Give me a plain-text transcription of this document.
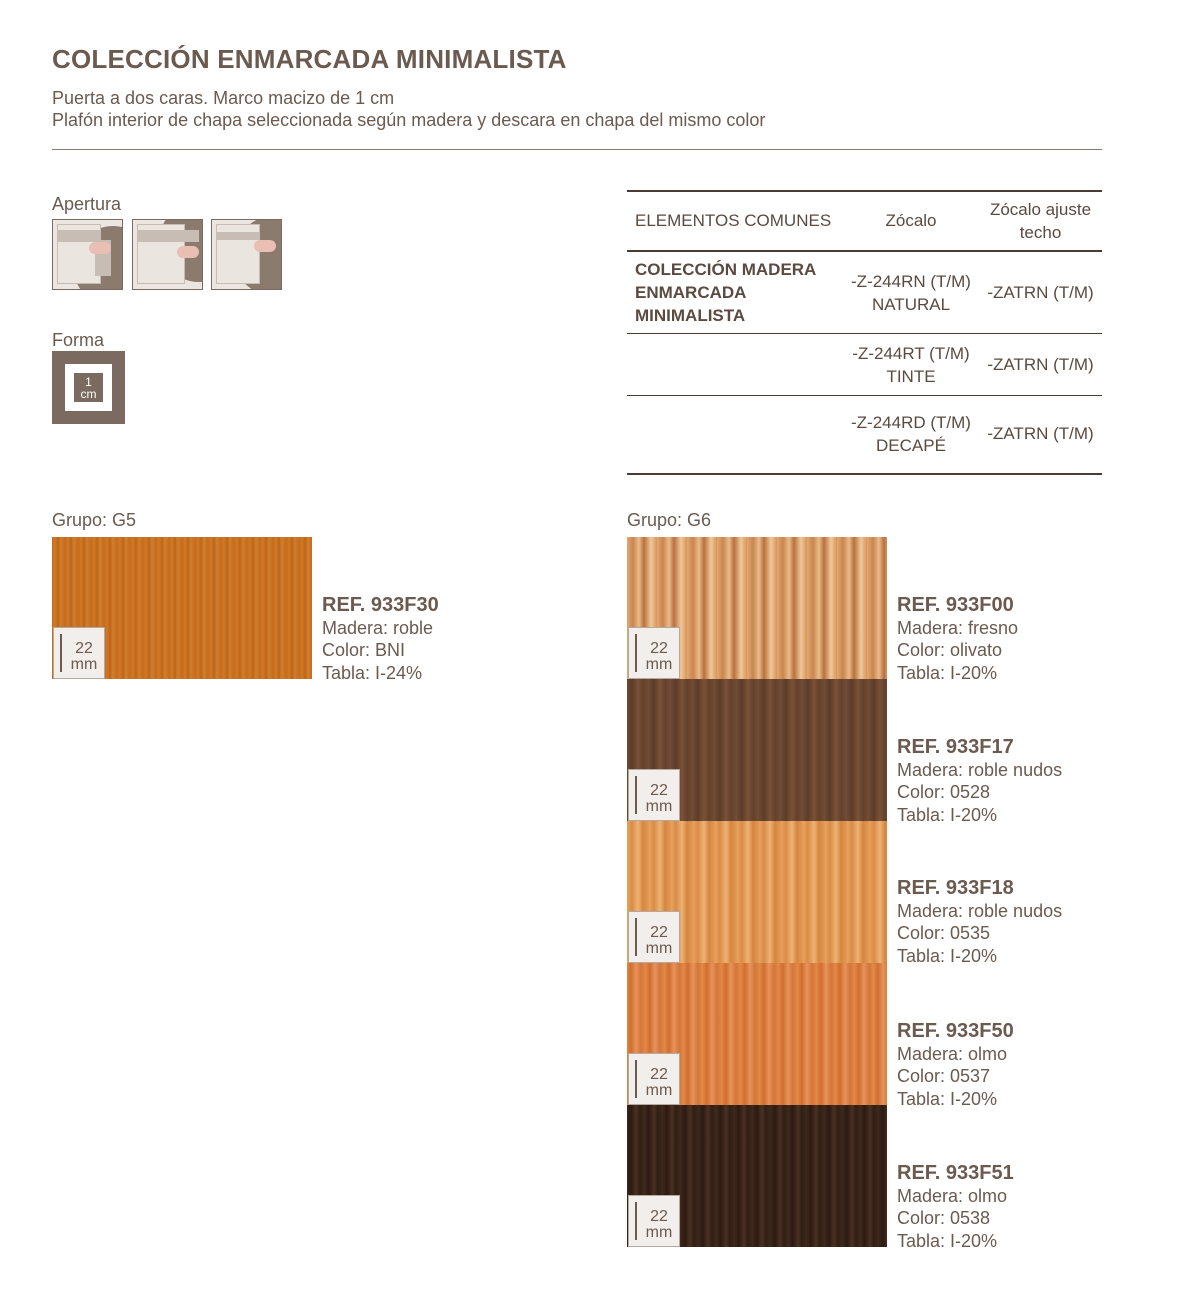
COLECCIÓN ENMARCADA MINIMALISTA
Puerta a dos caras. Marco macizo de 1 cm
Plafón interior de chapa seleccionada según madera y descara en chapa del mismo color
Apertura
Forma
1
cm
ELEMENTOS COMUNES	Zócalo	Zócalo ajuste techo
COLECCIÓN MADERA ENMARCADA MINIMALISTA	-Z-244RN (T/M) NATURAL	-ZATRN (T/M)
	-Z-244RT (T/M) TINTE	-ZATRN (T/M)
	-Z-244RD (T/M) DECAPÉ	-ZATRN (T/M)
Grupo: G5
22
mm
REF. 933F30
Madera: roble
Color: BNI
Tabla: I-24%
Grupo: G6
22
mm
REF. 933F00
Madera: fresno
Color: olivato
Tabla: I-20%
22
mm
REF. 933F17
Madera: roble nudos
Color: 0528
Tabla: I-20%
22
mm
REF. 933F18
Madera: roble nudos
Color: 0535
Tabla: I-20%
22
mm
REF. 933F50
Madera: olmo
Color: 0537
Tabla: I-20%
22
mm
REF. 933F51
Madera: olmo
Color: 0538
Tabla: I-20%
